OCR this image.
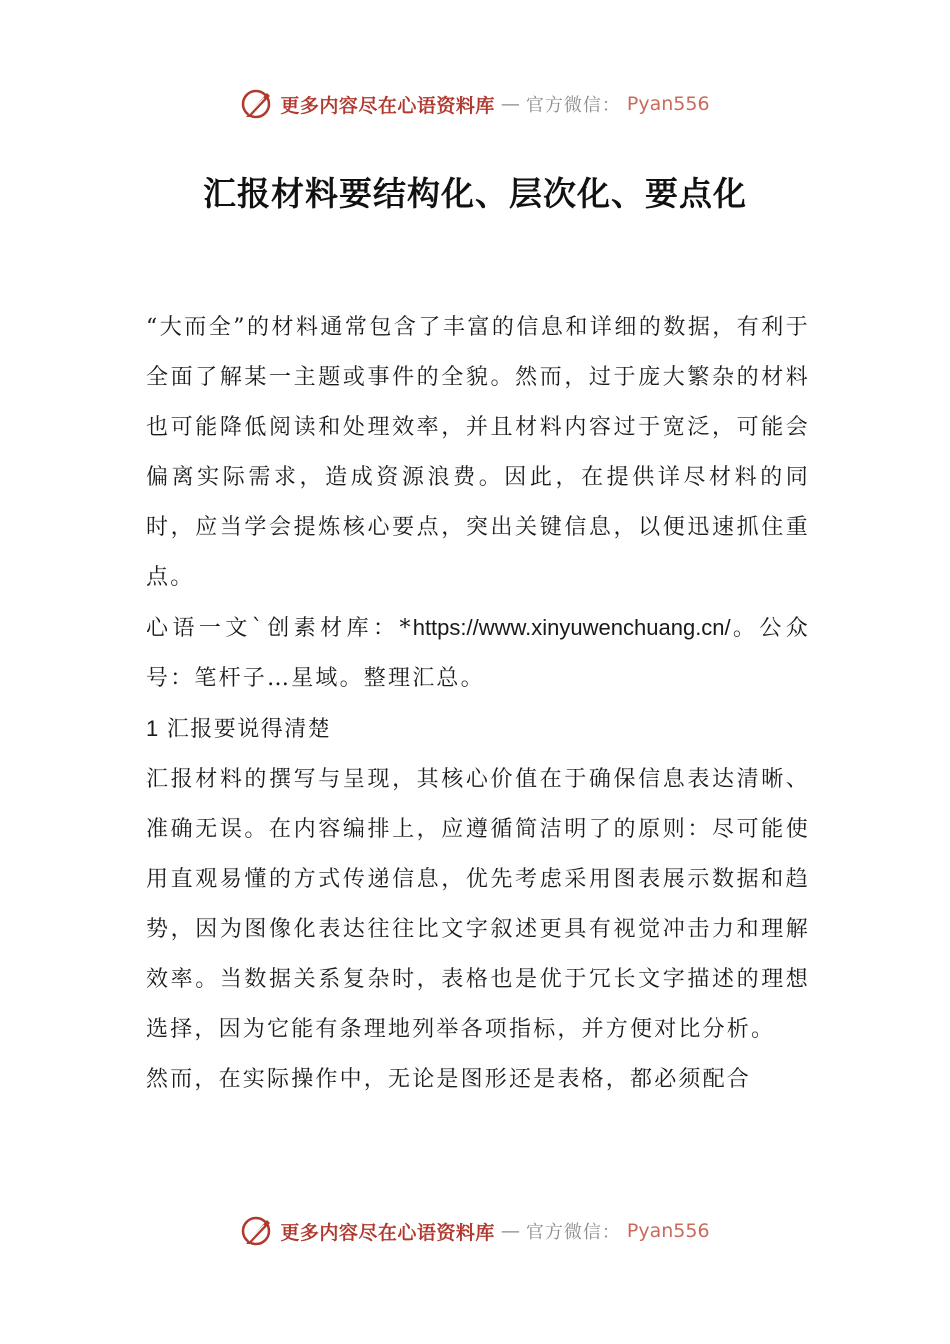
更多内容尽在心语资料库 — 官方微信： Pyan556
汇报材料要结构化、层次化、要点化

“大而全”的材料通常包含了丰富的信息和详细的数据，有利于全面了解某一主题或事件的全貌。然而，过于庞大繁杂的材料也可能降低阅读和处理效率，并且材料内容过于宽泛，可能会偏离实际需求，造成资源浪费。因此，在提供详尽材料的同时，应当学会提炼核心要点，突出关键信息，以便迅速抓住重点。

心语一文`创素材库：*https://www.xinyuwenchuang.cn/。公众号：笔杆子…星域。整理汇总。

1 汇报要说得清楚

汇报材料的撰写与呈现，其核心价值在于确保信息表达清晰、准确无误。在内容编排上，应遵循简洁明了的原则：尽可能使用直观易懂的方式传递信息，优先考虑采用图表展示数据和趋势，因为图像化表达往往比文字叙述更具有视觉冲击力和理解效率。当数据关系复杂时，表格也是优于冗长文字描述的理想选择，因为它能有条理地列举各项指标，并方便对比分析。

然而，在实际操作中，无论是图形还是表格，都必须配合

更多内容尽在心语资料库 — 官方微信： Pyan556
